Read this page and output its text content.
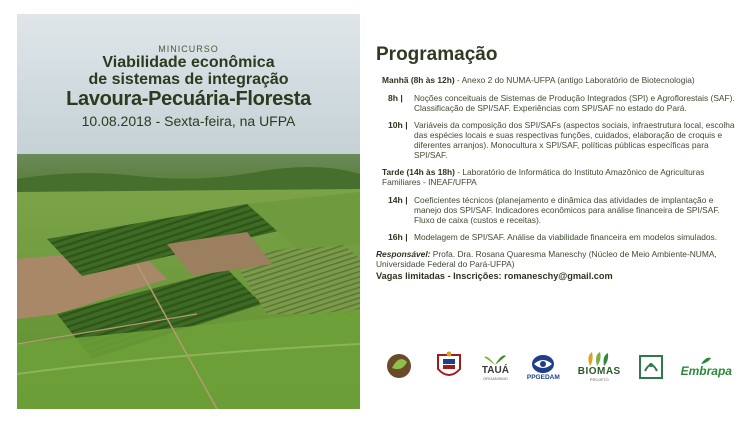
MINICURSO
Viabilidade econômica
de sistemas de integração
Lavoura-Pecuária-Floresta
10.08.2018 - Sexta-feira, na UFPA
Programação
Manhã (8h às 12h) - Anexo 2 do NUMA-UFPA (antigo Laboratório de Biotecnologia)
8h |	Noções conceituais de Sistemas de Produção Integrados (SPI) e Agroflorestais (SAF). Classificação de SPI/SAF. Experiências com SPI/SAF no estado do Pará.
10h | Variáveis da composição dos SPI/SAFs (aspectos sociais, infraestrutura local, escolha das espécies locais e suas respectivas funções, cuidados, elaboração de croquis e diferentes arranjos). Monocultura x SPI/SAF, políticas públicas específicas para SPI/SAF.
Tarde (14h às 18h) - Laboratório de Informática do Instituto Amazônico de Agriculturas Familiares - INEAF/UFPA
14h | Coeficientes técnicos (planejamento e dinâmica das atividades de implantação e manejo dos SPI/SAF. Indicadores econômicos para análise financeira de SPI/SAF. Fluxo de caixa (custos e receitas).
16h | Modelagem de SPI/SAF. Análise da viabilidade financeira em modelos simulados.
Responsável: Profa. Dra. Rosana Quaresma Maneschy (Núcleo de Meio Ambiente-NUMA, Universidade Federal do Pará-UFPA)
Vagas limitadas - Inscrições: romaneschy@gmail.com
TAUÁ
ORGANISMO	PPGEDAM BIOMAS
PROJETO
Embrapa
